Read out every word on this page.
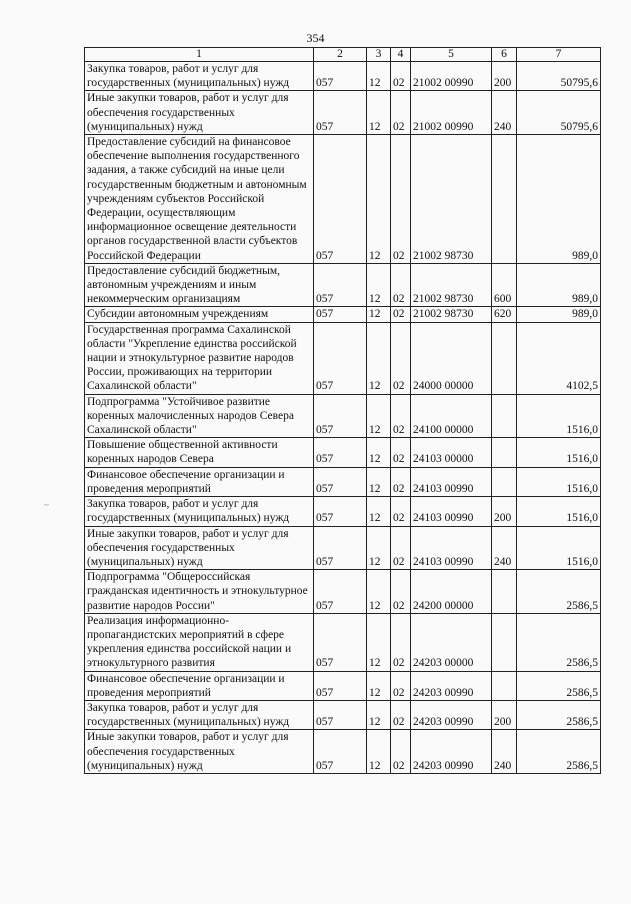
354
1	2	3	4	5	6	7
Закупка товаров, работ и услуг для государственных (муниципальных) нужд	057	12	02	21002 00990	200	50795,6
Иные закупки товаров, работ и услуг для обеспечения государственных (муниципальных) нужд	057	12	02	21002 00990	240	50795,6
Предоставление субсидий на финансовое обеспечение выполнения государственного задания, а также субсидий на иные цели государственным бюджетным и автономным учреждениям субъектов Российской Федерации, осуществляющим информационное освещение деятельности органов государственной власти субъектов Российской Федерации	057	12	02	21002 98730		989,0
Предоставление субсидий бюджетным, автономным учреждениям и иным некоммерческим организациям	057	12	02	21002 98730	600	989,0
Субсидии автономным учреждениям	057	12	02	21002 98730	620	989,0
Государственная программа Сахалинской области "Укрепление единства российской нации и этнокультурное развитие народов России, проживающих на территории Сахалинской области"	057	12	02	24000 00000		4102,5
Подпрограмма "Устойчивое развитие коренных малочисленных народов Севера Сахалинской области"	057	12	02	24100 00000		1516,0
Повышение общественной активности коренных народов Севера	057	12	02	24103 00000		1516,0
Финансовое обеспечение организации и проведения мероприятий	057	12	02	24103 00990		1516,0
Закупка товаров, работ и услуг для государственных (муниципальных) нужд	057	12	02	24103 00990	200	1516,0
Иные закупки товаров, работ и услуг для обеспечения государственных (муниципальных) нужд	057	12	02	24103 00990	240	1516,0
Подпрограмма "Общероссийская гражданская идентичность и этнокультурное развитие народов России"	057	12	02	24200 00000		2586,5
Реализация информационно-пропагандистских мероприятий в сфере укрепления единства российской нации и этнокультурного развития	057	12	02	24203 00000		2586,5
Финансовое обеспечение организации и проведения мероприятий	057	12	02	24203 00990		2586,5
Закупка товаров, работ и услуг для государственных (муниципальных) нужд	057	12	02	24203 00990	200	2586,5
Иные закупки товаров, работ и услуг для обеспечения государственных (муниципальных) нужд	057	12	02	24203 00990	240	2586,5
~
